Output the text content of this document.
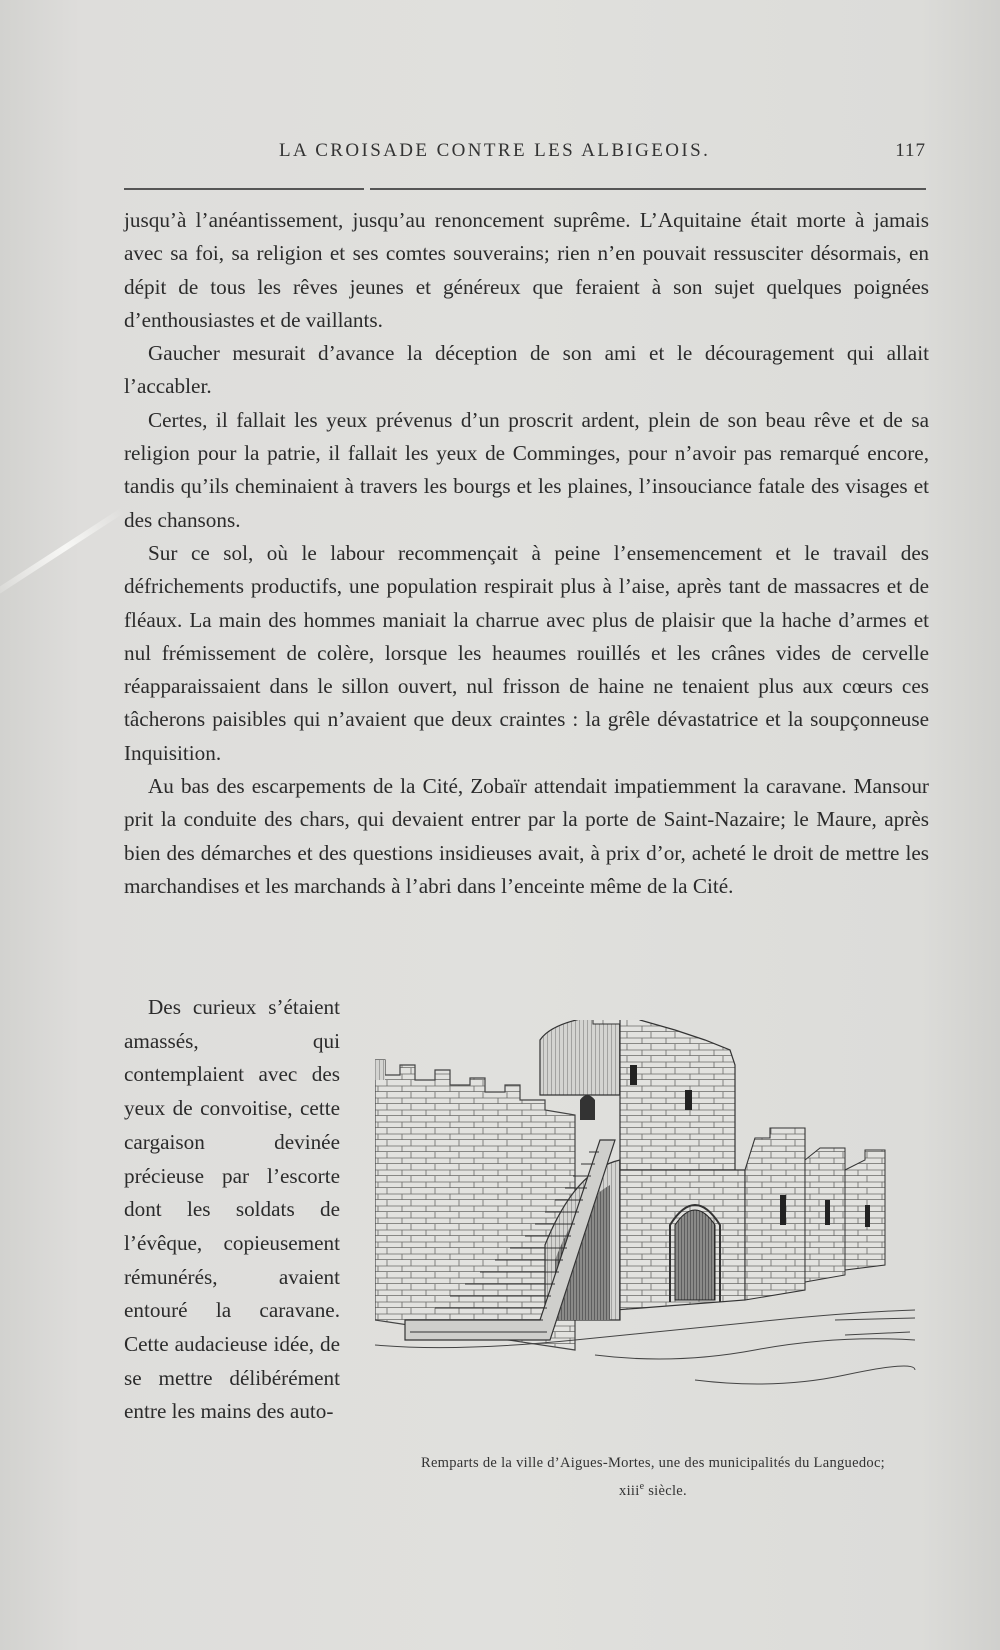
LA CROISADE CONTRE LES ALBIGEOIS.	117

jusqu’à l’anéantissement, jusqu’au renoncement suprême. L’Aquitaine était morte à jamais avec sa foi, sa religion et ses comtes souverains; rien n’en pouvait ressusciter désormais, en dépit de tous les rêves jeunes et généreux que feraient à son sujet quelques poignées d’enthousiastes et de vaillants.

Gaucher mesurait d’avance la déception de son ami et le découragement qui allait l’accabler.

Certes, il fallait les yeux prévenus d’un proscrit ardent, plein de son beau rêve et de sa religion pour la patrie, il fallait les yeux de Comminges, pour n’avoir pas remarqué encore, tandis qu’ils cheminaient à travers les bourgs et les plaines, l’insouciance fatale des visages et des chansons.

Sur ce sol, où le labour recommençait à peine l’ensemencement et le travail des défrichements productifs, une population respirait plus à l’aise, après tant de massacres et de fléaux. La main des hommes maniait la charrue avec plus de plaisir que la hache d’armes et nul frémissement de colère, lorsque les heaumes rouillés et les crânes vides de cervelle réapparaissaient dans le sillon ouvert, nul frisson de haine ne tenaient plus aux cœurs ces tâcherons paisibles qui n’avaient que deux craintes : la grêle dévastatrice et la soupçonneuse Inquisition.

Au bas des escarpements de la Cité, Zobaïr attendait impatiemment la caravane. Mansour prit la conduite des chars, qui devaient entrer par la porte de Saint-Nazaire; le Maure, après bien des démarches et des questions insidieuses avait, à prix d’or, acheté le droit de mettre les marchandises et les marchands à l’abri dans l’enceinte même de la Cité.

Des curieux s’étaient amassés, qui contemplaient avec des yeux de convoitise, cette cargaison devinée précieuse par l’escorte dont les soldats de l’évêque, copieusement rémunérés, avaient entouré la caravane. Cette audacieuse idée, de se mettre délibérément entre les mains des auto-
Remparts de la ville d’Aigues-Mortes, une des municipalités du Languedoc;
xiii$^e$ siècle.
